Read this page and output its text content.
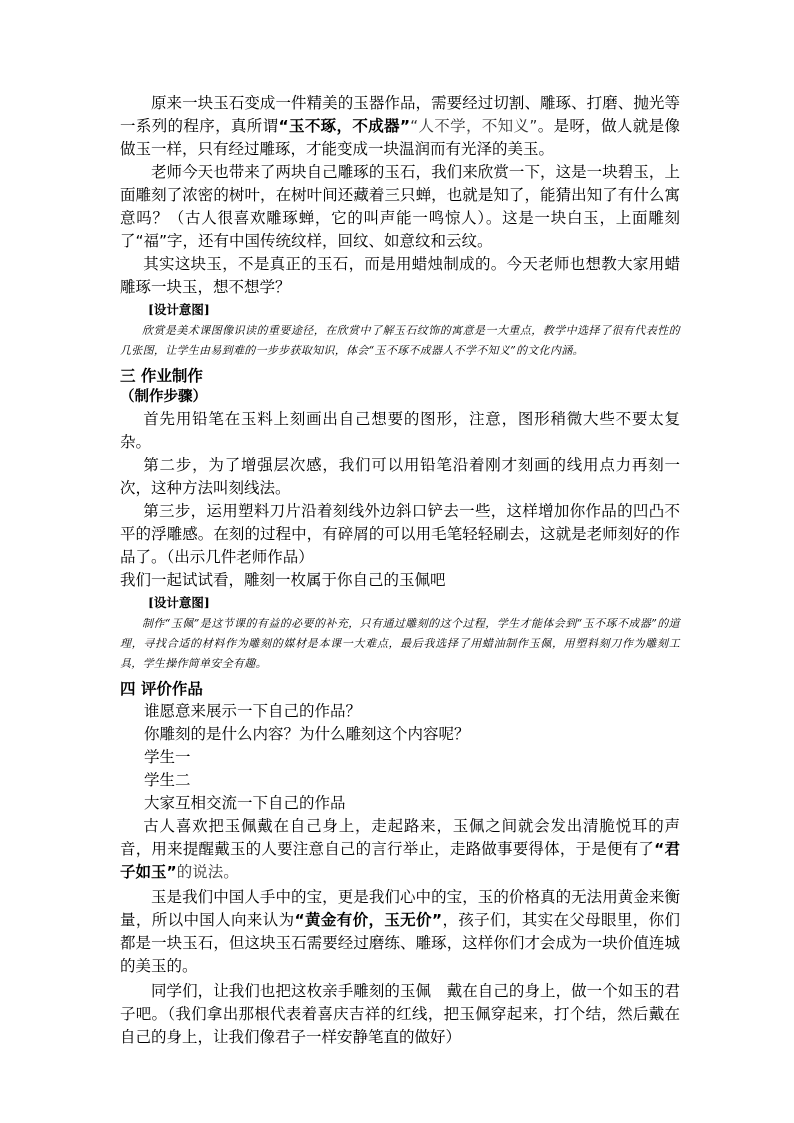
原来一块玉石变成一件精美的玉器作品，需要经过切割、雕琢、打磨、抛光等一系列的程序，真所谓“玉不琢，不成器”“人不学，不知义”。是呀，做人就是像做玉一样，只有经过雕琢，才能变成一块温润而有光泽的美玉。

老师今天也带来了两块自己雕琢的玉石，我们来欣赏一下，这是一块碧玉，上面雕刻了浓密的树叶，在树叶间还藏着三只蝉，也就是知了，能猜出知了有什么寓意吗？（古人很喜欢雕琢蝉，它的叫声能一鸣惊人）。这是一块白玉，上面雕刻了“福”字，还有中国传统纹样，回纹、如意纹和云纹。

其实这块玉，不是真正的玉石，而是用蜡烛制成的。今天老师也想教大家用蜡雕琢一块玉，想不想学？

[设计意图]

欣赏是美术课图像识读的重要途径，在欣赏中了解玉石纹饰的寓意是一大重点，教学中选择了很有代表性的几张图，让学生由易到难的一步步获取知识，体会“玉不琢不成器人不学不知义”的文化内涵。

三 作业制作

（制作步骤）

首先用铅笔在玉料上刻画出自己想要的图形，注意，图形稍微大些不要太复杂。

第二步，为了增强层次感，我们可以用铅笔沿着刚才刻画的线用点力再刻一次，这种方法叫刻线法。

第三步，运用塑料刀片沿着刻线外边斜口铲去一些，这样增加你作品的凹凸不平的浮雕感。在刻的过程中，有碎屑的可以用毛笔轻轻刷去，这就是老师刻好的作品了。（出示几件老师作品）

我们一起试试看，雕刻一枚属于你自己的玉佩吧

[设计意图]

制作“玉佩”是这节课的有益的必要的补充，只有通过雕刻的这个过程，学生才能体会到“玉不琢不成器”的道理，寻找合适的材料作为雕刻的媒材是本课一大难点，最后我选择了用蜡油制作玉佩，用塑料刻刀作为雕刻工具，学生操作简单安全有趣。

四 评价作品

谁愿意来展示一下自己的作品？

你雕刻的是什么内容？为什么雕刻这个内容呢？

学生一

学生二

大家互相交流一下自己的作品

古人喜欢把玉佩戴在自己身上，走起路来，玉佩之间就会发出清脆悦耳的声音，用来提醒戴玉的人要注意自己的言行举止，走路做事要得体，于是便有了“君子如玉”的说法。

玉是我们中国人手中的宝，更是我们心中的宝，玉的价格真的无法用黄金来衡量，所以中国人向来认为“黄金有价，玉无价”，孩子们，其实在父母眼里，你们都是一块玉石，但这块玉石需要经过磨练、雕琢，这样你们才会成为一块价值连城的美玉的。

同学们，让我们也把这枚亲手雕刻的玉佩　戴在自己的身上，做一个如玉的君子吧。（我们拿出那根代表着喜庆吉祥的红线，把玉佩穿起来，打个结，然后戴在自己的身上，让我们像君子一样安静笔直的做好）
